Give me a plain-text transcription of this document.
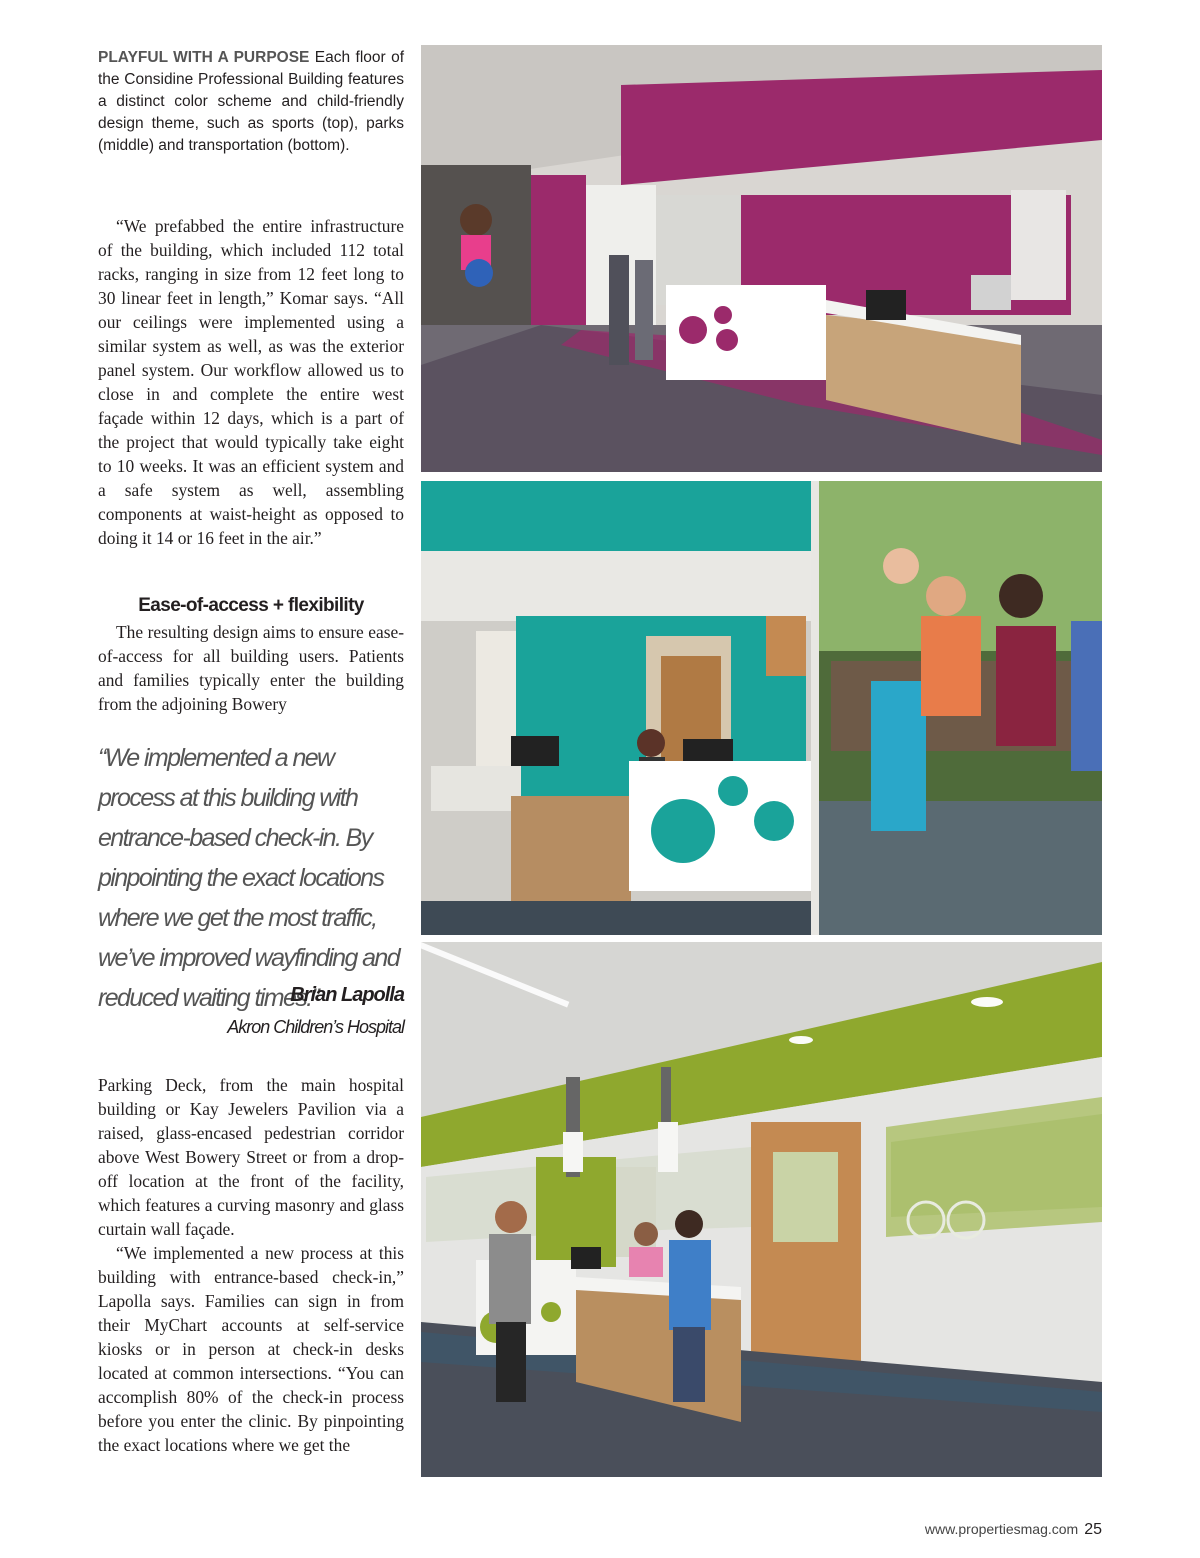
PLAYFUL WITH A PURPOSE Each floor of the Considine Professional Building features a distinct color scheme and child-friendly design theme, such as sports (top), parks (middle) and transportation (bottom).

“We prefabbed the entire infrastructure of the building, which included 112 total racks, ranging in size from 12 feet long to 30 linear feet in length,” Komar says. “All our ceilings were implemented using a similar system as well, as was the exterior panel system. Our workflow allowed us to close in and complete the entire west façade within 12 days, which is a part of the project that would typically take eight to 10 weeks. It was an efficient system and a safe system as well, assembling components at waist-height as opposed to doing it 14 or 16 feet in the air.”

Ease-of-access + flexibility

The resulting design aims to ensure ease-of-access for all building users. Patients and families typically enter the building from the adjoining Bowery

“We implemented a new process at this building with entrance-based check-in. By pinpointing the exact locations where we get the most traffic, we’ve improved wayfinding and reduced waiting times.”
Brian Lapolla
Akron Children’s Hospital

Parking Deck, from the main hospital building or Kay Jewelers Pavilion via a raised, glass-encased pedestrian corridor above West Bowery Street or from a drop-off location at the front of the facility, which features a curving masonry and glass curtain wall façade.

“We implemented a new process at this building with entrance-based check-in,” Lapolla says. Families can sign in from their MyChart accounts at self-service kiosks or in person at check-in desks located at common intersections. “You can accomplish 80% of the check-in process before you enter the clinic. By pinpointing the exact locations where we get the

www.propertiesmag.com 25
